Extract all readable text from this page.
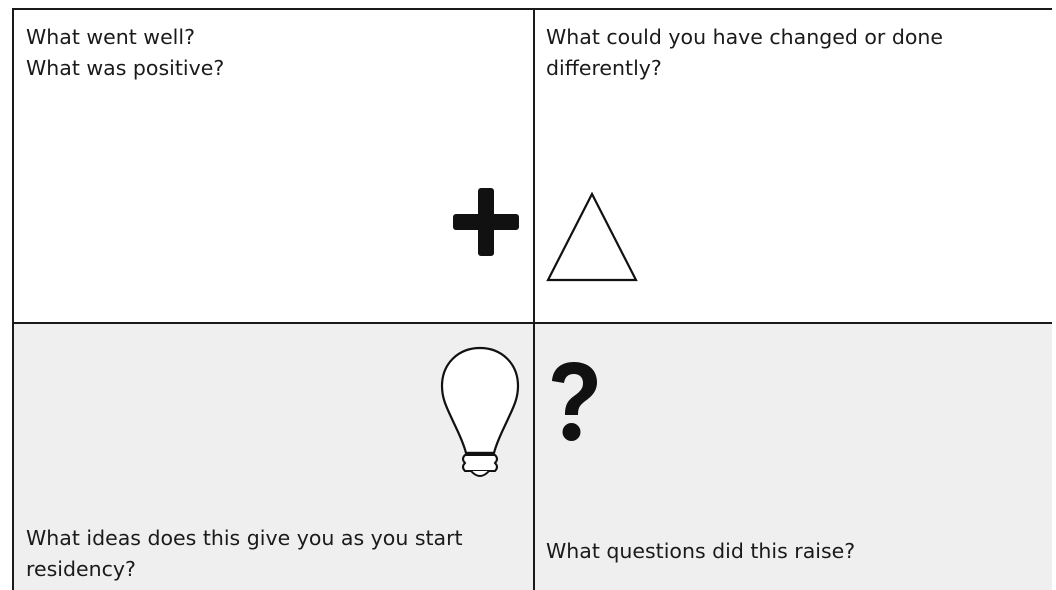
What went well?
What was positive?
What could you have changed or done differently?
What ideas does this give you as you start residency?
What questions did this raise?
